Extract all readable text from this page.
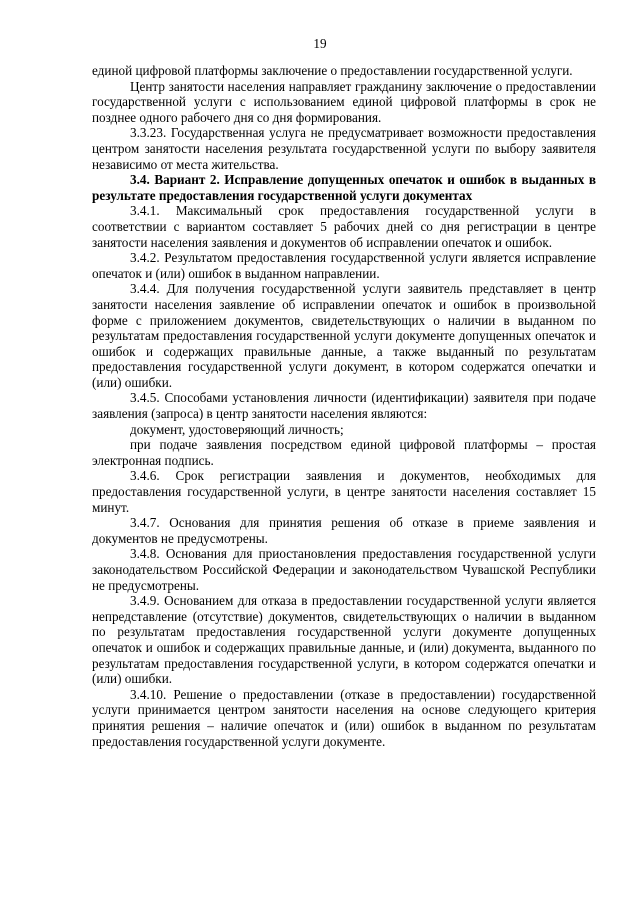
19

единой цифровой платформы заключение о предоставлении государственной услуги.

Центр занятости населения направляет гражданину заключение о предоставлении государственной услуги с использованием единой цифровой платформы в срок не позднее одного рабочего дня со дня формирования.

3.3.23. Государственная услуга не предусматривает возможности предоставления центром занятости населения результата государственной услуги по выбору заявителя независимо от места жительства.

3.4. Вариант 2. Исправление допущенных опечаток и ошибок в выданных в результате предоставления государственной услуги документах

3.4.1. Максимальный срок предоставления государственной услуги в соответствии с вариантом составляет 5 рабочих дней со дня регистрации в центре занятости населения заявления и документов об исправлении опечаток и ошибок.

3.4.2. Результатом предоставления государственной услуги является исправление опечаток и (или) ошибок в выданном направлении.

3.4.4. Для получения государственной услуги заявитель представляет в центр занятости населения заявление об исправлении опечаток и ошибок в произвольной форме с приложением документов, свидетельствующих о наличии в выданном по результатам предоставления государственной услуги документе допущенных опечаток и ошибок и содержащих правильные данные, а также выданный по результатам предоставления государственной услуги документ, в котором содержатся опечатки и (или) ошибки.

3.4.5. Способами установления личности (идентификации) заявителя при подаче заявления (запроса) в центр занятости населения являются:

документ, удостоверяющий личность;

при подаче заявления посредством единой цифровой платформы – простая электронная подпись.

3.4.6. Срок регистрации заявления и документов, необходимых для предоставления государственной услуги, в центре занятости населения составляет 15 минут.

3.4.7. Основания для принятия решения об отказе в приеме заявления и документов не предусмотрены.

3.4.8. Основания для приостановления предоставления государственной услуги законодательством Российской Федерации и законодательством Чувашской Республики не предусмотрены.

3.4.9. Основанием для отказа в предоставлении государственной услуги является непредставление (отсутствие) документов, свидетельствующих о наличии в выданном по результатам предоставления государственной услуги документе допущенных опечаток и ошибок и содержащих правильные данные, и (или) документа, выданного по результатам предоставления государственной услуги, в котором содержатся опечатки и (или) ошибки.

3.4.10. Решение о предоставлении (отказе в предоставлении) государственной услуги принимается центром занятости населения на основе следующего критерия принятия решения – наличие опечаток и (или) ошибок в выданном по результатам предоставления государственной услуги документе.
